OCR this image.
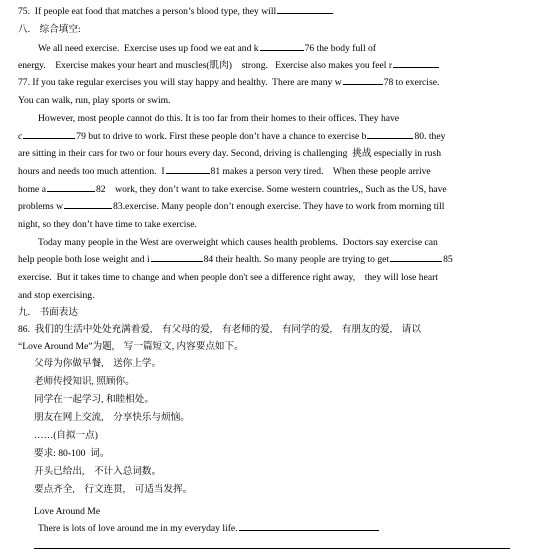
75.  If people eat food that matches a person’s blood type, they will
八.    综合填空:
We all need exercise.  Exercise uses up food we eat and k	76 the body full of
energy.    Exercise makes your heart and muscles(肌肉)    strong.   Exercise also makes you feel r
77. If you take regular exercises you will stay happy and healthy.  There are many w	78 to exercise.
You can walk, run, play sports or swim.
However, most people cannot do this. It is too far from their homes to their offices. They have
c	79 but to drive to work. First these people don’t have a chance to exercise b	80. they
are sitting in their cars for two or four hours every day. Second, driving is challenging  挑战 especially in rush
hours and needs too much attention.  I	81 makes a person very tired.    When these people arrive
home a	82    work, they don’t want to take exercise. Some western countries,, Such as the US, have
problems w	83.exercise. Many people don’t enough exercise. They have to work from morning till
night, so they don’t have time to take exercise.
Today many people in the West are overweight which causes health problems.  Doctors say exercise can
help people both lose weight and i	84 their health. So many people are trying to get	85
exercise.  But it takes time to change and when people don't see a difference right away,    they will lose heart
and stop exercising.
九.    书面表达
86.  我们的生活中处处充满着爱,    有父母的爱,    有老师的爱,    有同学的爱,    有朋友的爱,    请以
“Love Around Me”为题,    写一篇短文, 内容要点如下。
父母为你做早餐,    送你上学。
老师传授知识, 照顾你。
同学在一起学习, 和睦相处。
朋友在网上交流,    分享快乐与烦恼。
……(自拟一点)
要求: 80-100  词。
开头已给出,    不计入总词数。
要点齐全,    行文连贯,    可适当发挥。
Love Around Me
There is lots of love around me in my everyday life.
